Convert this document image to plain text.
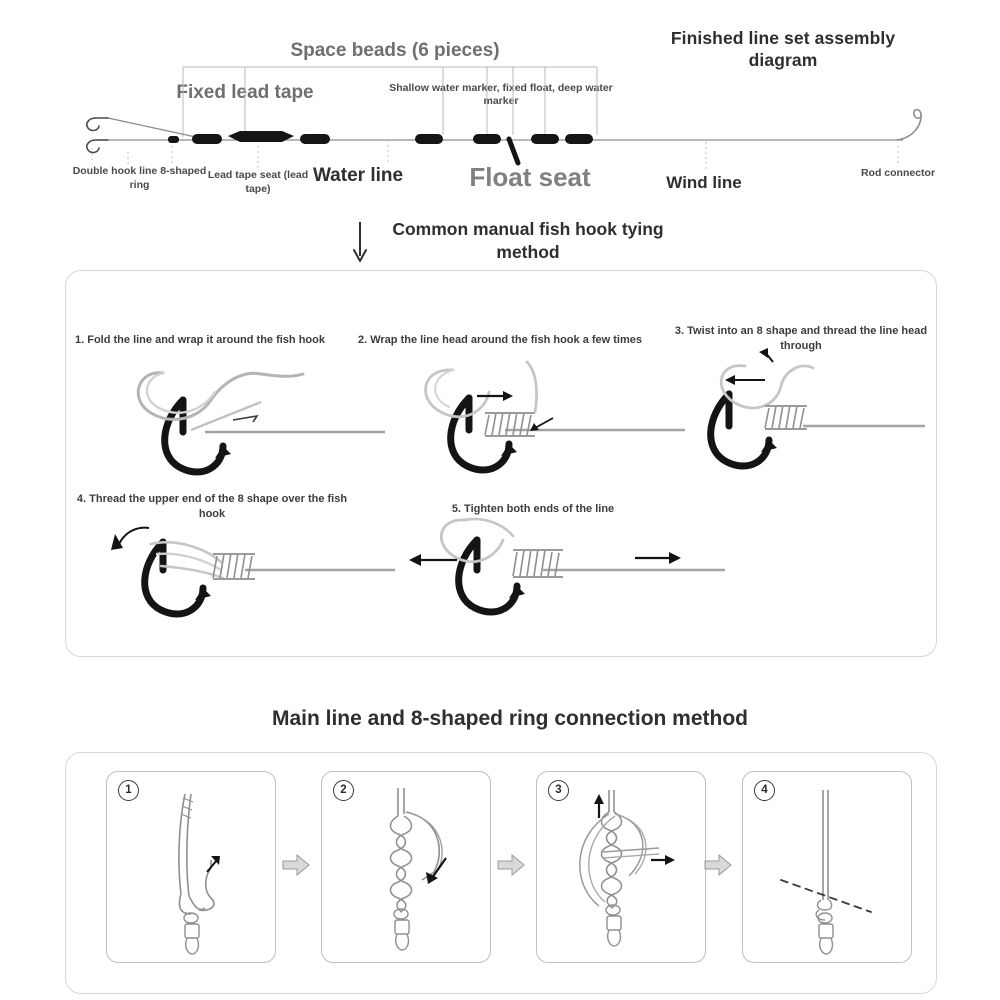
Finished line set assembly diagram
Space beads (6 pieces)
Fixed lead tape	Shallow water marker, fixed float, deep water marker
Double hook line 8-shaped ring
Lead tape seat (lead tape)
Water line	Float seat	Wind line	Rod connector
Common manual fish hook tying method
1. Fold the line and wrap it around the fish hook	2. Wrap the line head around the fish hook a few times
3. Twist into an 8 shape and thread the line head through
4. Thread the upper end of the 8 shape over the fish hook	5. Tighten both ends of the line
Main line and 8-shaped ring connection method
1	2	3	4
